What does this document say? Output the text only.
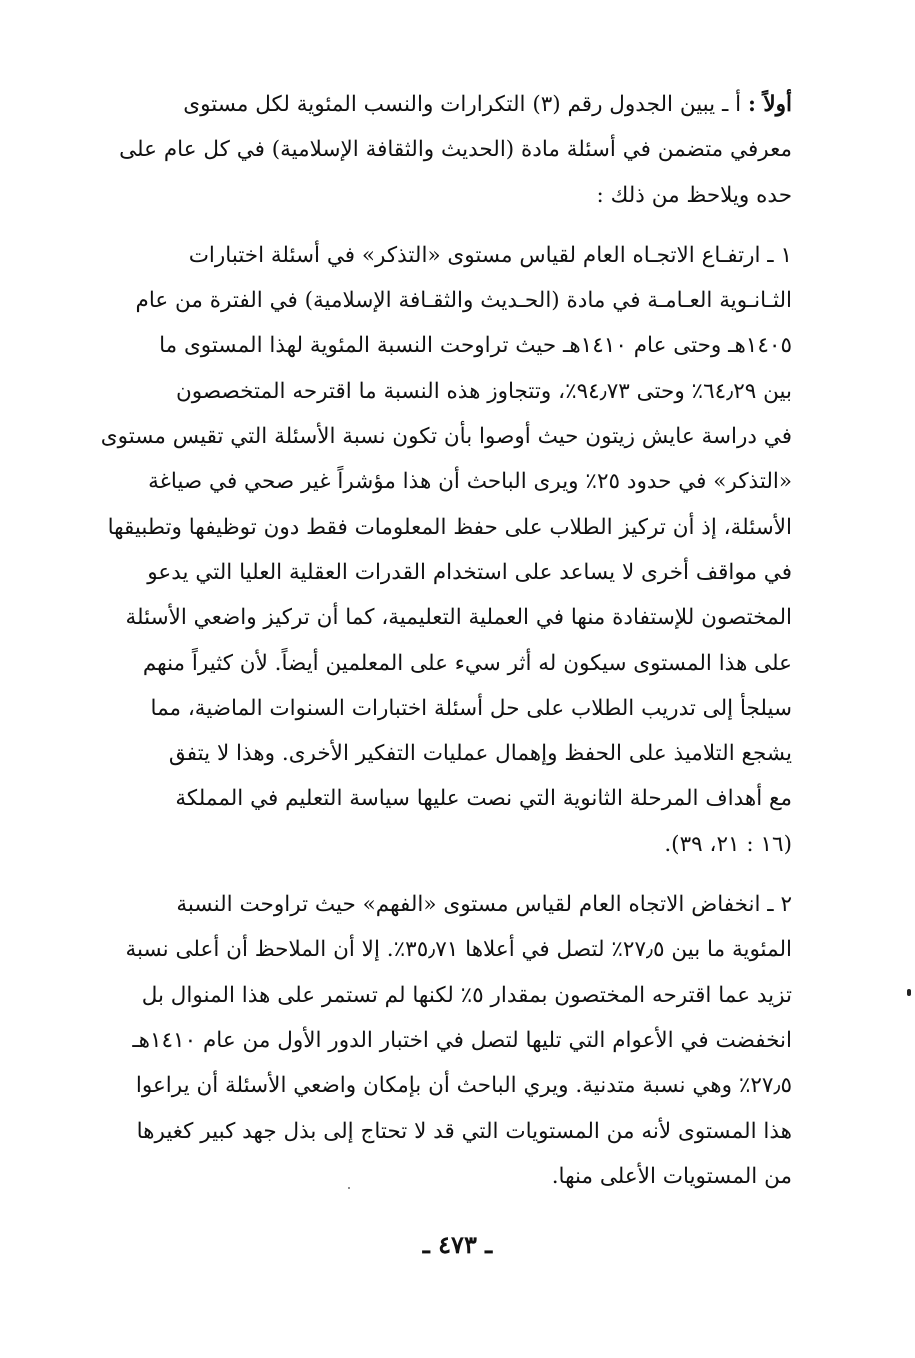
أولاً : أ ـ يبين الجدول رقم (٣) التكرارات والنسب المئوية لكل مستوى
معرفي متضمن في أسئلة مادة (الحديث والثقافة الإسلامية) في كل عام على
حده ويلاحظ من ذلك :
١ ـ ارتفـاع الاتجـاه العام لقياس مستوى «التذكر» في أسئلة اختبارات
الثـانـوية العـامـة في مادة (الحـديث والثقـافة الإسلامية) في الفترة من عام
١٤٠٥هـ وحتى عام ١٤١٠هـ حيث تراوحت النسبة المئوية لهذا المستوى ما
بين ٦٤٫٢٩٪ وحتى ٩٤٫٧٣٪، وتتجاوز هذه النسبة ما اقترحه المتخصصون
في دراسة عايش زيتون حيث أوصوا بأن تكون نسبة الأسئلة التي تقيس مستوى
«التذكر» في حدود ٢٥٪ ويرى الباحث أن هذا مؤشراً غير صحي في صياغة
الأسئلة، إذ أن تركيز الطلاب على حفظ المعلومات فقط دون توظيفها وتطبيقها
في مواقف أخرى لا يساعد على استخدام القدرات العقلية العليا التي يدعو
المختصون للإستفادة منها في العملية التعليمية، كما أن تركيز واضعي الأسئلة
على هذا المستوى سيكون له أثر سيء على المعلمين أيضاً. لأن كثيراً منهم
سيلجأ إلى تدريب الطلاب على حل أسئلة اختبارات السنوات الماضية، مما
يشجع التلاميذ على الحفظ وإهمال عمليات التفكير الأخرى. وهذا لا يتفق
مع أهداف المرحلة الثانوية التي نصت عليها سياسة التعليم في المملكة
(١٦ : ٢١، ٣٩).
٢ ـ انخفاض الاتجاه العام لقياس مستوى «الفهم» حيث تراوحت النسبة
المئوية ما بين ٢٧٫٥٪ لتصل في أعلاها ٣٥٫٧١٪. إلا أن الملاحظ أن أعلى نسبة
تزيد عما اقترحه المختصون بمقدار ٥٪ لكنها لم تستمر على هذا المنوال بل
انخفضت في الأعوام التي تليها لتصل في اختبار الدور الأول من عام ١٤١٠هـ
٢٧٫٥٪ وهي نسبة متدنية. ويري الباحث أن بإمكان واضعي الأسئلة أن يراعوا
هذا المستوى لأنه من المستويات التي قد لا تحتاج إلى بذل جهد كبير كغيرها
من المستويات الأعلى منها.
ـ ٤٧٣ ـ
